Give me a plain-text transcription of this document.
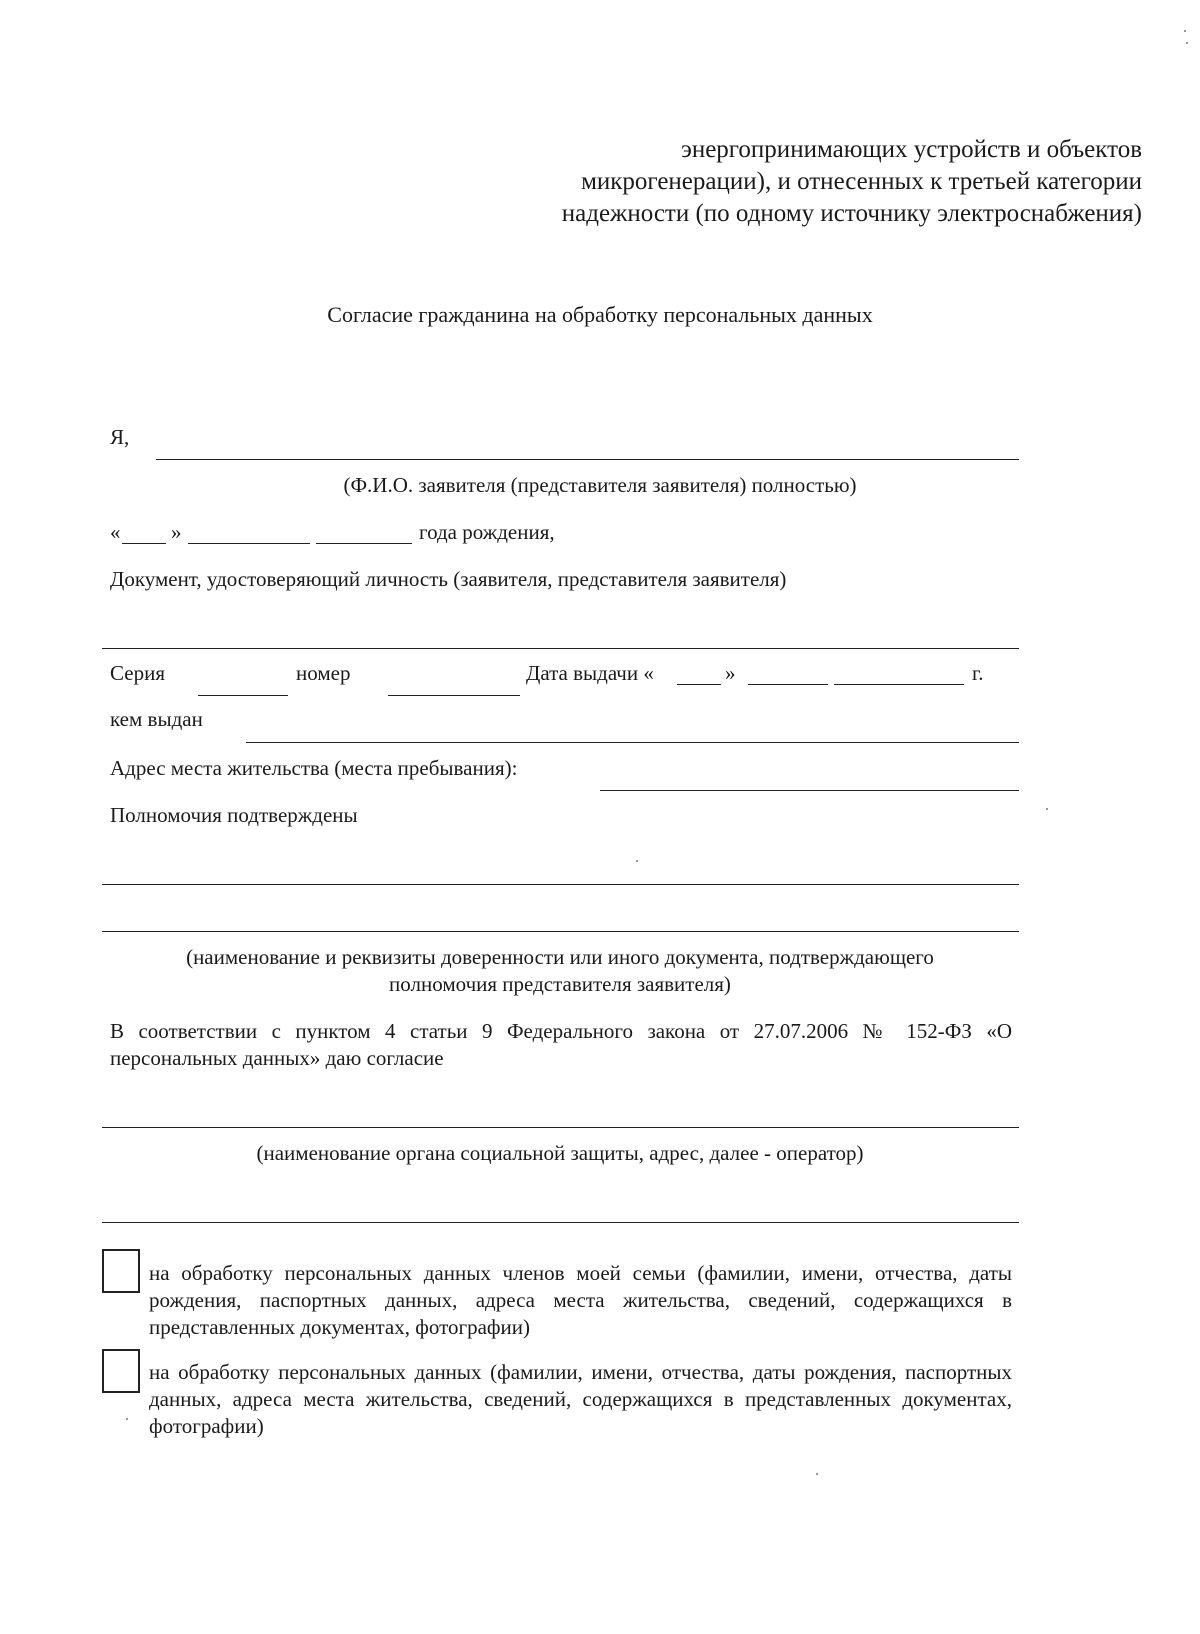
энергопринимающих устройств и объектов
микрогенерации), и отнесенных к третьей категории
надежности (по одному источнику электроснабжения)
Согласие гражданина на обработку персональных данных
Я,
(Ф.И.О. заявителя (представителя заявителя) полностью)
« »	года рождения,
Документ, удостоверяющий личность (заявителя, представителя заявителя)
Серия	номер	Дата выдачи «	»	г.
кем выдан
Адрес места жительства (места пребывания):
Полномочия подтверждены
(наименование и реквизиты доверенности или иного документа, подтверждающего
полномочия представителя заявителя)
В соответствии с пунктом 4 статьи 9 Федерального закона от 27.07.2006 № 152-ФЗ «О персональных данных» даю согласие
(наименование органа социальной защиты, адрес, далее - оператор)
на обработку персональных данных членов моей семьи (фамилии, имени, отчества, даты рождения, паспортных данных, адреса места жительства, сведений, содержащихся в представленных документах, фотографии)
на обработку персональных данных (фамилии, имени, отчества, даты рождения, паспортных данных, адреса места жительства, сведений, содержащихся в представленных документах, фотографии)
